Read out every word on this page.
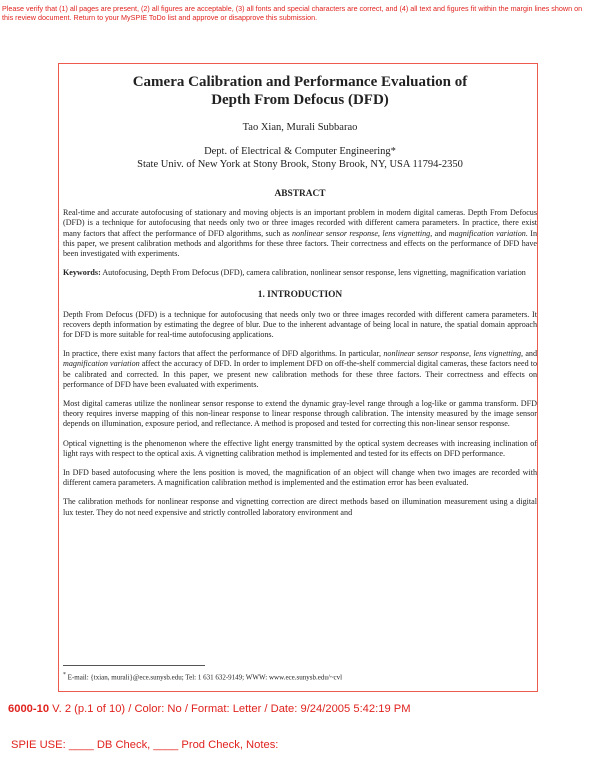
Please verify that (1) all pages are present, (2) all figures are acceptable, (3) all fonts and special characters are correct, and (4) all text and figures fit within the margin lines shown on this review document. Return to your MySPIE ToDo list and approve or disapprove this submission.
Camera Calibration and Performance Evaluation of
Depth From Defocus (DFD)
Tao Xian, Murali Subbarao
Dept. of Electrical & Computer Engineering*
State Univ. of New York at Stony Brook, Stony Brook, NY, USA 11794-2350
ABSTRACT

Real-time and accurate autofocusing of stationary and moving objects is an important problem in modern digital cameras. Depth From Defocus (DFD) is a technique for autofocusing that needs only two or three images recorded with different camera parameters. In practice, there exist many factors that affect the performance of DFD algorithms, such as nonlinear sensor response, lens vignetting, and magnification variation. In this paper, we present calibration methods and algorithms for these three factors. Their correctness and effects on the performance of DFD have been investigated with experiments.

Keywords: Autofocusing, Depth From Defocus (DFD), camera calibration, nonlinear sensor response, lens vignetting, magnification variation

1. INTRODUCTION

Depth From Defocus (DFD) is a technique for autofocusing that needs only two or three images recorded with different camera parameters. It recovers depth information by estimating the degree of blur. Due to the inherent advantage of being local in nature, the spatial domain approach for DFD is more suitable for real-time autofocusing applications.

In practice, there exist many factors that affect the performance of DFD algorithms. In particular, nonlinear sensor response, lens vignetting, and magnification variation affect the accuracy of DFD. In order to implement DFD on off-the-shelf commercial digital cameras, these factors need to be calibrated and corrected. In this paper, we present new calibration methods for these three factors. Their correctness and effects on performance of DFD have been evaluated with experiments.

Most digital cameras utilize the nonlinear sensor response to extend the dynamic gray-level range through a log-like or gamma transform. DFD theory requires inverse mapping of this non-linear response to linear response through calibration. The intensity measured by the image sensor depends on illumination, exposure period, and reflectance. A method is proposed and tested for correcting this non-linear sensor response.

Optical vignetting is the phenomenon where the effective light energy transmitted by the optical system decreases with increasing inclination of light rays with respect to the optical axis. A vignetting calibration method is implemented and tested for its effects on DFD performance.

In DFD based autofocusing where the lens position is moved, the magnification of an object will change when two images are recorded with different camera parameters. A magnification calibration method is implemented and the estimation error has been evaluated.

The calibration methods for nonlinear response and vignetting correction are direct methods based on illumination measurement using a digital lux tester. They do not need expensive and strictly controlled laboratory environment and

* E-mail: {txian, murali}@ece.sunysb.edu; Tel: 1 631 632-9149; WWW: www.ece.sunysb.edu/~cvl
6000-10 V. 2 (p.1 of 10) / Color: No / Format: Letter / Date: 9/24/2005 5:42:19 PM
SPIE USE: ____ DB Check, ____ Prod Check, Notes:
